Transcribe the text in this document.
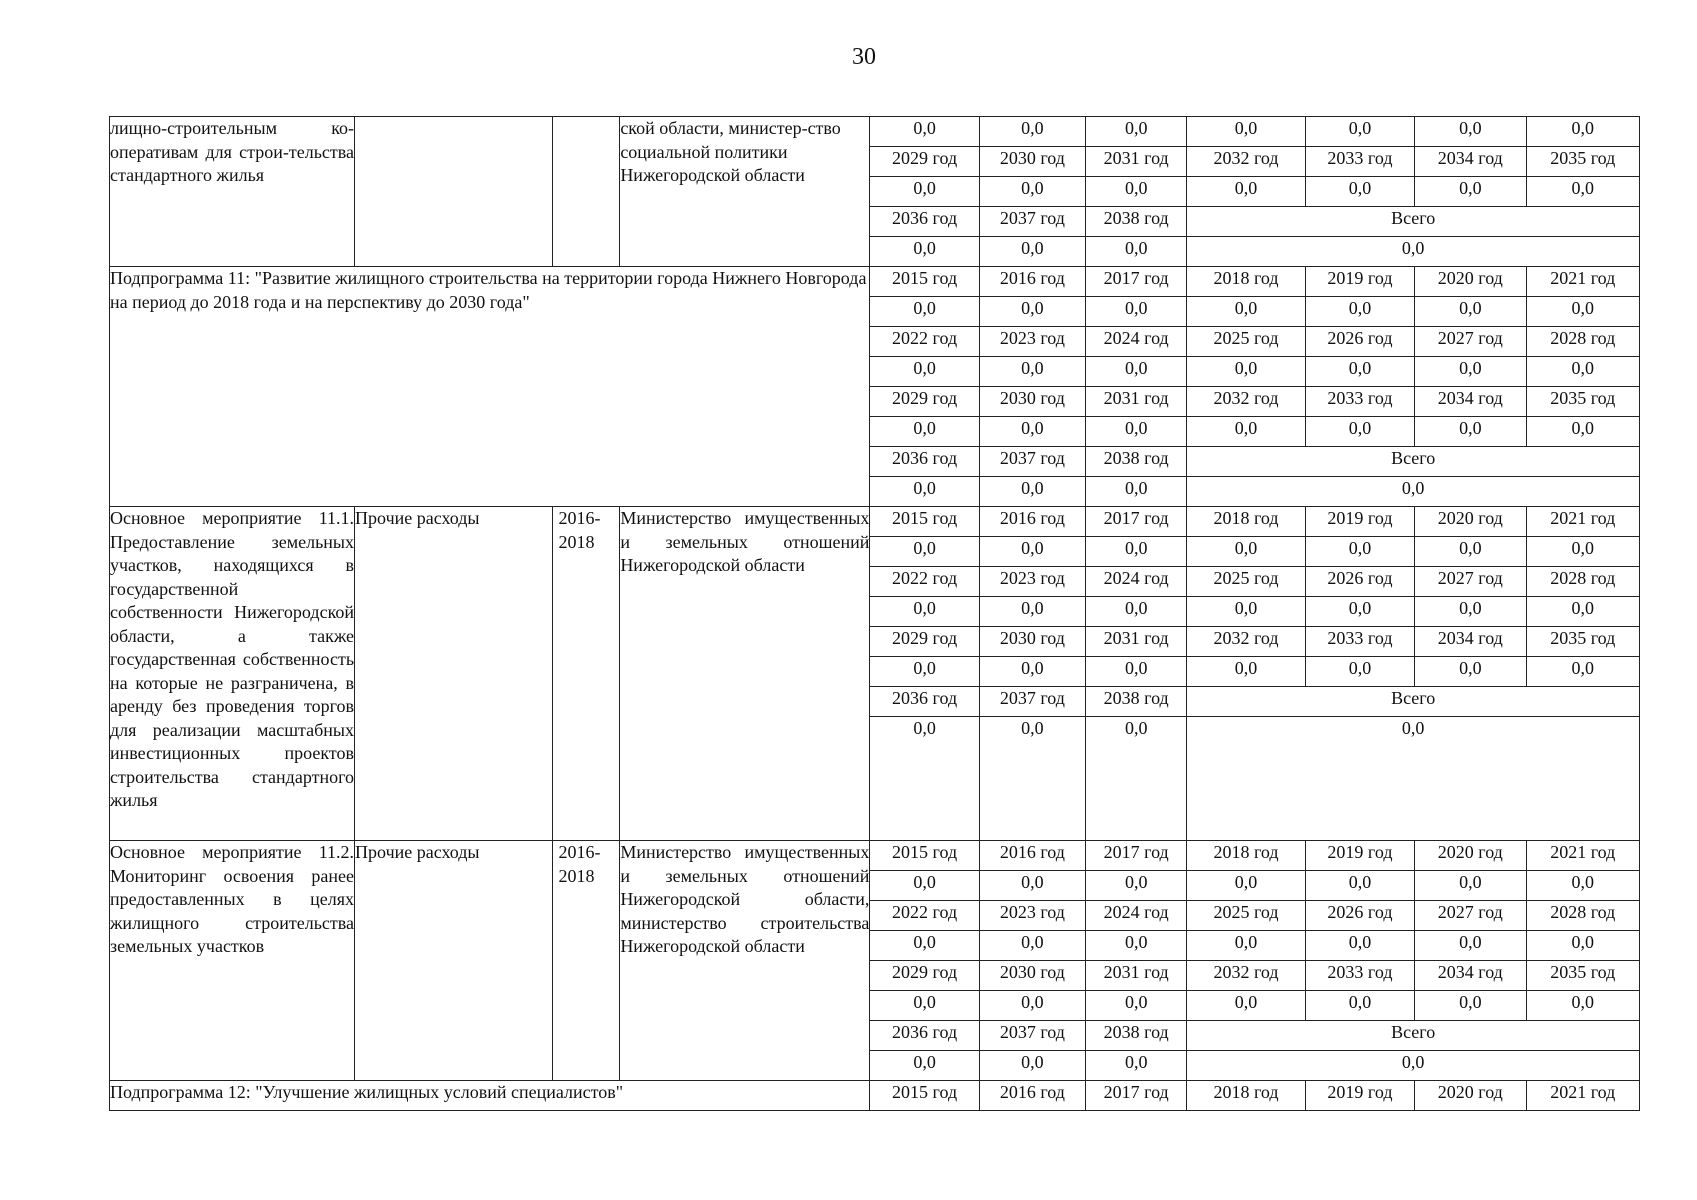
30
лищно-строительным ко-оперативам для строи-тельства стандартного жилья			ской области, министер-ство социальной политики Нижегородской области	0,0	0,0	0,0	0,0	0,0	0,0	0,0
				2029 год	2030 год	2031 год	2032 год	2033 год	2034 год	2035 год
				0,0	0,0	0,0	0,0	0,0	0,0	0,0
				2036 год	2037 год	2038 год	Всего			
				0,0	0,0	0,0	0,0			
Подпрограмма 11: "Развитие жилищного строительства на территории города Нижнего Новгорода на период до 2018 года и на перспективу до 2030 года"				2015 год	2016 год	2017 год	2018 год	2019 год	2020 год	2021 год
				0,0	0,0	0,0	0,0	0,0	0,0	0,0
				2022 год	2023 год	2024 год	2025 год	2026 год	2027 год	2028 год
				0,0	0,0	0,0	0,0	0,0	0,0	0,0
				2029 год	2030 год	2031 год	2032 год	2033 год	2034 год	2035 год
				0,0	0,0	0,0	0,0	0,0	0,0	0,0
				2036 год	2037 год	2038 год	Всего			
				0,0	0,0	0,0	0,0			
Основное мероприятие 11.1. Предоставление земельных участков, находящихся в государственной собственности Нижегородской области, а также государственная собственность на которые не разграничена, в аренду без проведения торгов для реализации масштабных инвестиционных проектов строительства стандартного жилья	Прочие расходы	2016-2018	Министерство имущественных и земельных отношений Нижегородской области	2015 год	2016 год	2017 год	2018 год	2019 год	2020 год	2021 год
				0,0	0,0	0,0	0,0	0,0	0,0	0,0
				2022 год	2023 год	2024 год	2025 год	2026 год	2027 год	2028 год
				0,0	0,0	0,0	0,0	0,0	0,0	0,0
				2029 год	2030 год	2031 год	2032 год	2033 год	2034 год	2035 год
				0,0	0,0	0,0	0,0	0,0	0,0	0,0
				2036 год	2037 год	2038 год	Всего			
				0,0	0,0	0,0	0,0			
Основное мероприятие 11.2. Мониторинг освоения ранее предоставленных в целях жилищного строительства земельных участков	Прочие расходы	2016-2018	Министерство имущественных и земельных отношений Нижегородской области, министерство строительства Нижегородской области	2015 год	2016 год	2017 год	2018 год	2019 год	2020 год	2021 год
				0,0	0,0	0,0	0,0	0,0	0,0	0,0
				2022 год	2023 год	2024 год	2025 год	2026 год	2027 год	2028 год
				0,0	0,0	0,0	0,0	0,0	0,0	0,0
				2029 год	2030 год	2031 год	2032 год	2033 год	2034 год	2035 год
				0,0	0,0	0,0	0,0	0,0	0,0	0,0
				2036 год	2037 год	2038 год	Всего			
				0,0	0,0	0,0	0,0			
Подпрограмма 12: "Улучшение жилищных условий специалистов"				2015 год	2016 год	2017 год	2018 год	2019 год	2020 год	2021 год
